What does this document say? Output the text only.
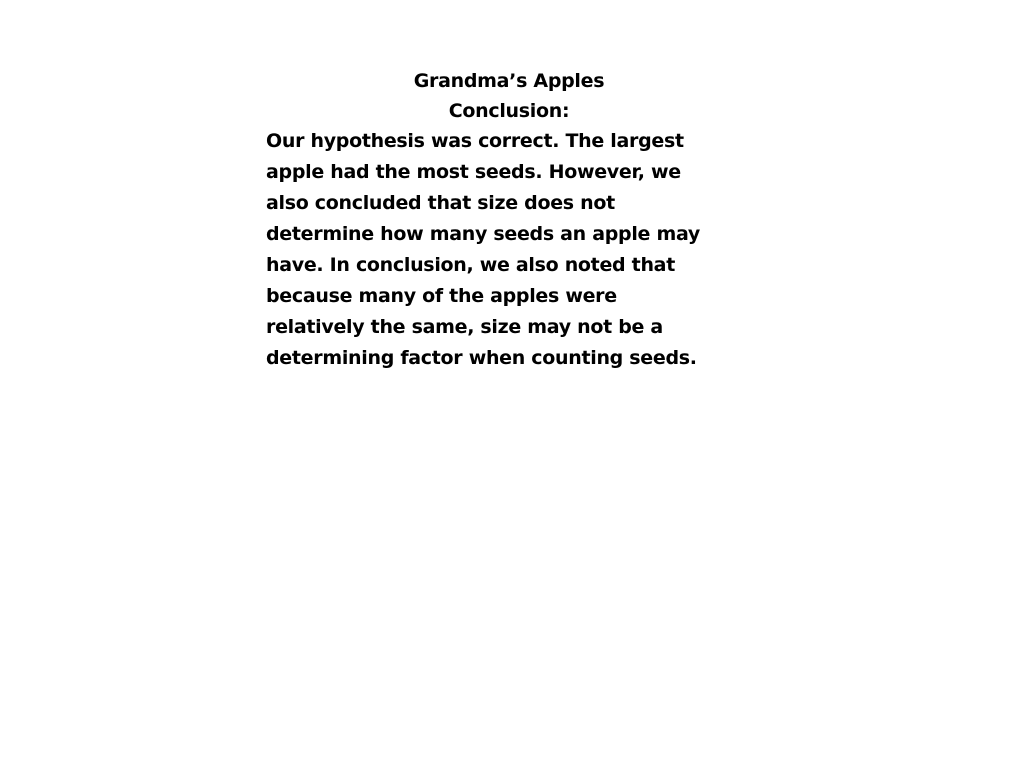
Grandma’s Apples
Conclusion:
Our hypothesis was correct. The largest
apple had the most seeds. However, we
also concluded that size does not
determine how many seeds an apple may
have. In conclusion, we also noted that
because many of the apples were
relatively the same, size may not be a
determining factor when counting seeds.
